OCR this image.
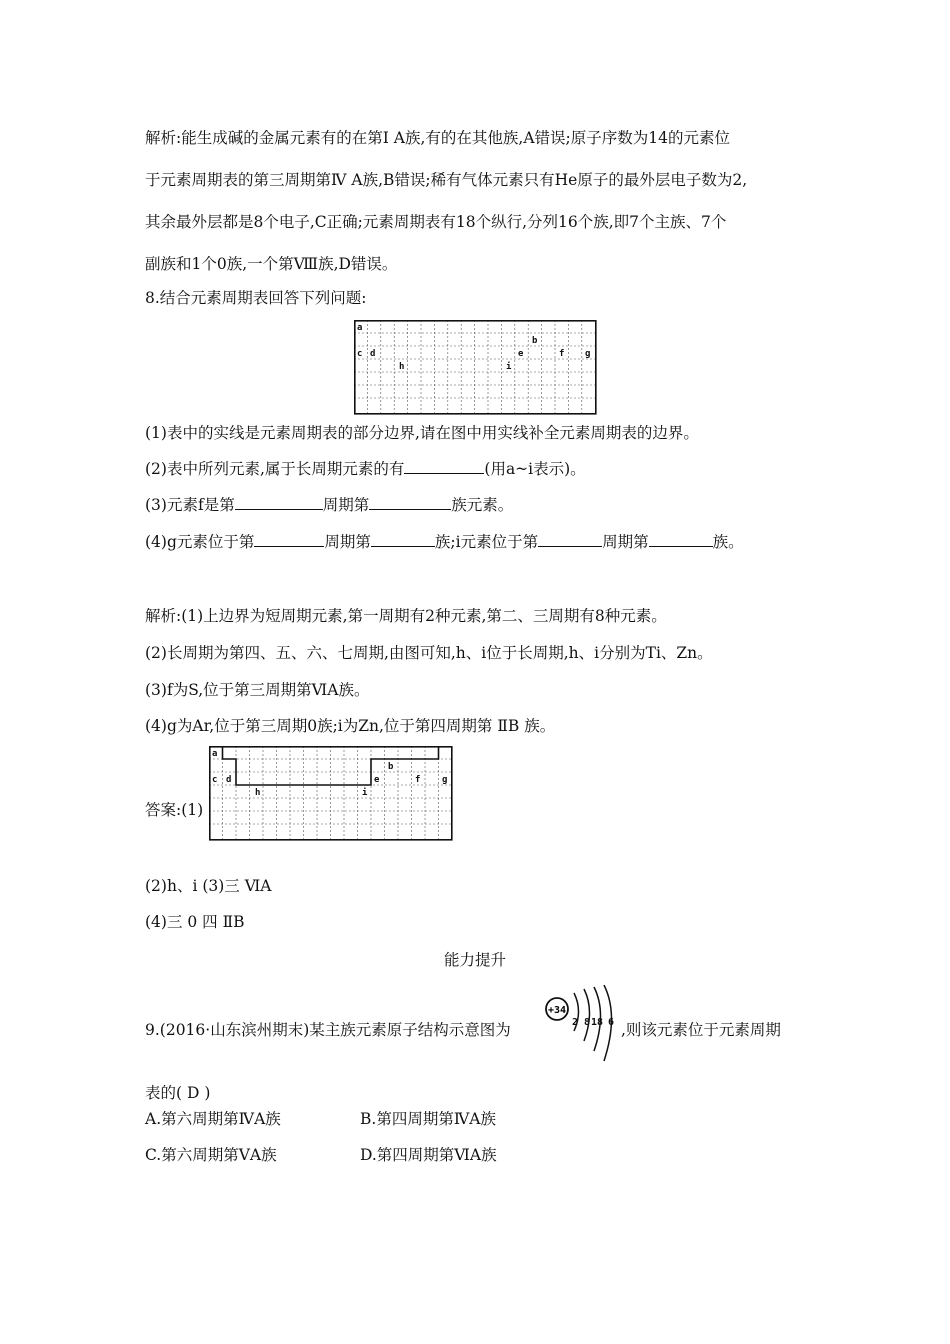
解析:能生成碱的金属元素有的在第Ⅰ A族,有的在其他族,A错误;原子序数为14的元素位
于元素周期表的第三周期第Ⅳ A族,B错误;稀有气体元素只有He原子的最外层电子数为2,
其余最外层都是8个电子,C正确;元素周期表有18个纵行,分列16个族,即7个主族、7个
副族和1个0族,一个第Ⅷ族,D错误。
8.结合元素周期表回答下列问题:
a
b
c d	e	f g
h	i
(1)表中的实线是元素周期表的部分边界,请在图中用实线补全元素周期表的边界。
(2)表中所列元素,属于长周期元素的有	(用a~i表示)。
(3)元素f是第	周期第	族元素。
(4)g元素位于第	周期第	族;i元素位于第	周期第	族。
解析:(1)上边界为短周期元素,第一周期有2种元素,第二、三周期有8种元素。
(2)长周期为第四、五、六、七周期,由图可知,h、i位于长周期,h、i分别为Ti、Zn。
(3)f为S,位于第三周期第ⅥA族。
(4)g为Ar,位于第三周期0族;i为Zn,位于第四周期第 ⅡB 族。
答案:(1)
a
b
c d	e	f g
h	i
(2)h、i (3)三 ⅥA
(4)三 0 四 ⅡB
能力提升
9.(2016·山东滨州期末)某主族元素原子结构示意图为
+34
2 8 18 6 ,则该元素位于元素周期
表的( D )
A.第六周期第ⅣA族	B.第四周期第ⅣA族
C.第六周期第ⅤA族	D.第四周期第ⅥA族
